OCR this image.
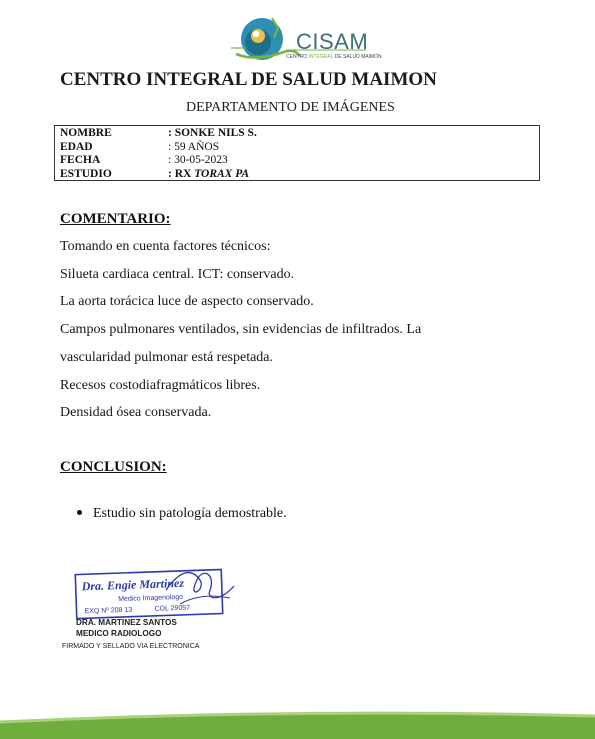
CISAM
CENTRO INTEGRAL DE SALUD MAIMÓN
CENTRO INTEGRAL DE SALUD MAIMON
DEPARTAMENTO DE IMÁGENES
NOMBRE	: SONKE NILS S.
EDAD	: 59 AÑOS
FECHA	: 30-05-2023
ESTUDIO	: RX TORAX PA
COMENTARIO:
Tomando en cuenta factores técnicos:
Silueta cardiaca central. ICT: conservado.
La aorta torácica luce de aspecto conservado.
Campos pulmonares ventilados, sin evidencias de infiltrados. La
vascularidad pulmonar está respetada.
Recesos costodiafragmáticos libres.
Densidad ósea conservada.
CONCLUSION:
Estudio sin patología demostrable.
Dra. Engie Martinez
Medico Imagenologo
EXQ Nº 208 13	COL 29057
DRA. MARTINEZ SANTOS
MEDICO RADIOLOGO
FIRMADO Y SELLADO VIA ELECTRONICA
